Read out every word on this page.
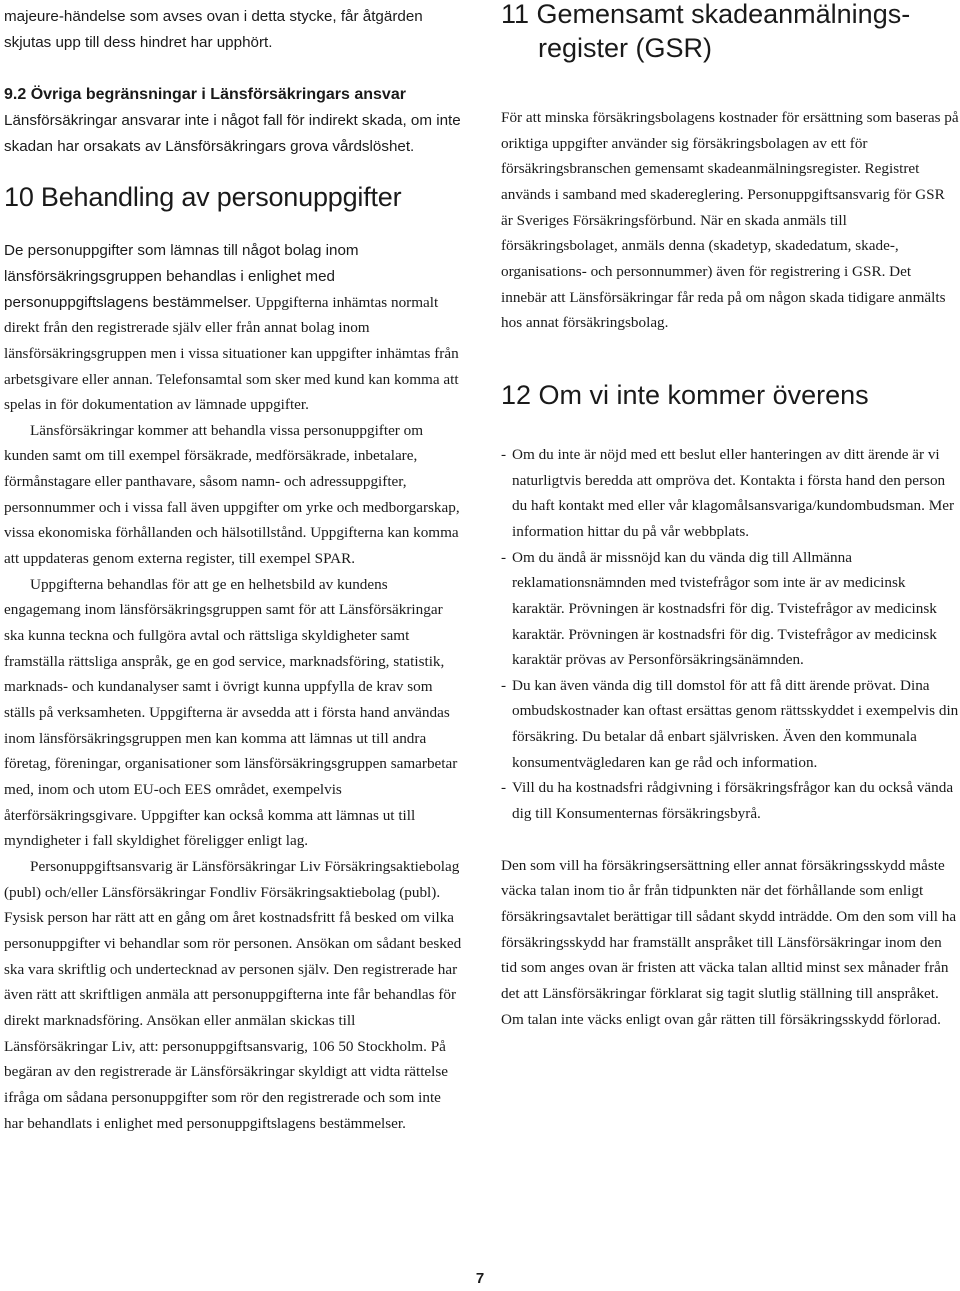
majeure-händelse som avses ovan i detta stycke, får åtgärden skjutas upp till dess hindret har upphört.

9.2 Övriga begränsningar i Länsförsäkringars ansvar

Länsförsäkringar ansvarar inte i något fall för indirekt skada, om inte skadan har orsakats av Länsförsäkringars grova vårdslöshet.

10 Behandling av personuppgifter

De personuppgifter som lämnas till något bolag inom länsförsäkringsgruppen behandlas i enlighet med personuppgiftslagens bestämmelser. Uppgifterna inhämtas normalt direkt från den registrerade själv eller från annat bolag inom länsförsäkringsgruppen men i vissa situationer kan uppgifter inhämtas från arbetsgivare eller annan. Telefonsamtal som sker med kund kan komma att spelas in för dokumentation av lämnade uppgifter.

Länsförsäkringar kommer att behandla vissa personuppgifter om kunden samt om till exempel försäkrade, medförsäkrade, inbetalare, förmånstagare eller panthavare, såsom namn- och adressuppgifter, personnummer och i vissa fall även uppgifter om yrke och medborgarskap, vissa ekonomiska förhållanden och hälsotillstånd. Uppgifterna kan komma att uppdateras genom externa register, till exempel SPAR.

Uppgifterna behandlas för att ge en helhetsbild av kundens engagemang inom länsförsäkringsgruppen samt för att Länsförsäkringar ska kunna teckna och fullgöra avtal och rättsliga skyldigheter samt framställa rättsliga anspråk, ge en god service, marknadsföring, statistik, marknads- och kundanalyser samt i övrigt kunna uppfylla de krav som ställs på verksamheten. Uppgifterna är avsedda att i första hand användas inom länsförsäkringsgruppen men kan komma att lämnas ut till andra företag, föreningar, organisationer som länsförsäkringsgruppen samarbetar med, inom och utom EU-och EES området, exempelvis återförsäkringsgivare. Uppgifter kan också komma att lämnas ut till myndigheter i fall skyldighet föreligger enligt lag.

Personuppgiftsansvarig är Länsförsäkringar Liv Försäkringsaktiebolag (publ) och/eller Länsförsäkringar Fondliv Försäkringsaktiebolag (publ). Fysisk person har rätt att en gång om året kostnadsfritt få besked om vilka personuppgifter vi behandlar som rör personen. Ansökan om sådant besked ska vara skriftlig och undertecknad av personen själv. Den registrerade har även rätt att skriftligen anmäla att personuppgifterna inte får behandlas för direkt marknadsföring. Ansökan eller anmälan skickas till Länsförsäkringar Liv, att: personuppgiftsansvarig, 106 50 Stockholm. På begäran av den registrerade är Länsförsäkringar skyldigt att vidta rättelse ifråga om sådana personuppgifter som rör den registrerade och som inte har behandlats i enlighet med personuppgiftslagens bestämmelser.

11 Gemensamt skadeanmälnings-
register (GSR)

För att minska försäkringsbolagens kostnader för ersättning som baseras på oriktiga uppgifter använder sig försäkringsbolagen av ett för försäkringsbranschen gemensamt skadeanmälningsregister. Registret används i samband med skadereglering. Personuppgiftsansvarig för GSR är Sveriges Försäkringsförbund. När en skada anmäls till försäkringsbolaget, anmäls denna (skadetyp, skadedatum, skade-, organisations- och personnummer) även för registrering i GSR. Det innebär att Länsförsäkringar får reda på om någon skada tidigare anmälts hos annat försäkringsbolag.

12 Om vi inte kommer överens

- Om du inte är nöjd med ett beslut eller hanteringen av ditt ärende är vi naturligtvis beredda att ompröva det. Kontakta i första hand den person du haft kontakt med eller vår klagomålsansvariga/kundombudsman. Mer information hittar du på vår webbplats.
- Om du ändå är missnöjd kan du vända dig till Allmänna reklamationsnämnden med tvistefrågor som inte är av medicinsk karaktär. Prövningen är kostnadsfri för dig. Tvistefrågor av medicinsk karaktär. Prövningen är kostnadsfri för dig. Tvistefrågor av medicinsk karaktär prövas av Personförsäkringsänämnden.
- Du kan även vända dig till domstol för att få ditt ärende prövat. Dina ombudskostnader kan oftast ersättas genom rättsskyddet i exempelvis din försäkring. Du betalar då enbart självrisken. Även den kommunala konsumentvägledaren kan ge råd och information.
- Vill du ha kostnadsfri rådgivning i försäkringsfrågor kan du också vända dig till Konsumenternas försäkringsbyrå.

Den som vill ha försäkringsersättning eller annat försäkringsskydd måste väcka talan inom tio år från tidpunkten när det förhållande som enligt försäkringsavtalet berättigar till sådant skydd inträdde. Om den som vill ha försäkringsskydd har framställt anspråket till Länsförsäkringar inom den tid som anges ovan är fristen att väcka talan alltid minst sex månader från det att Länsförsäkringar förklarat sig tagit slutlig ställning till anspråket. Om talan inte väcks enligt ovan går rätten till försäkringsskydd förlorad.

7
